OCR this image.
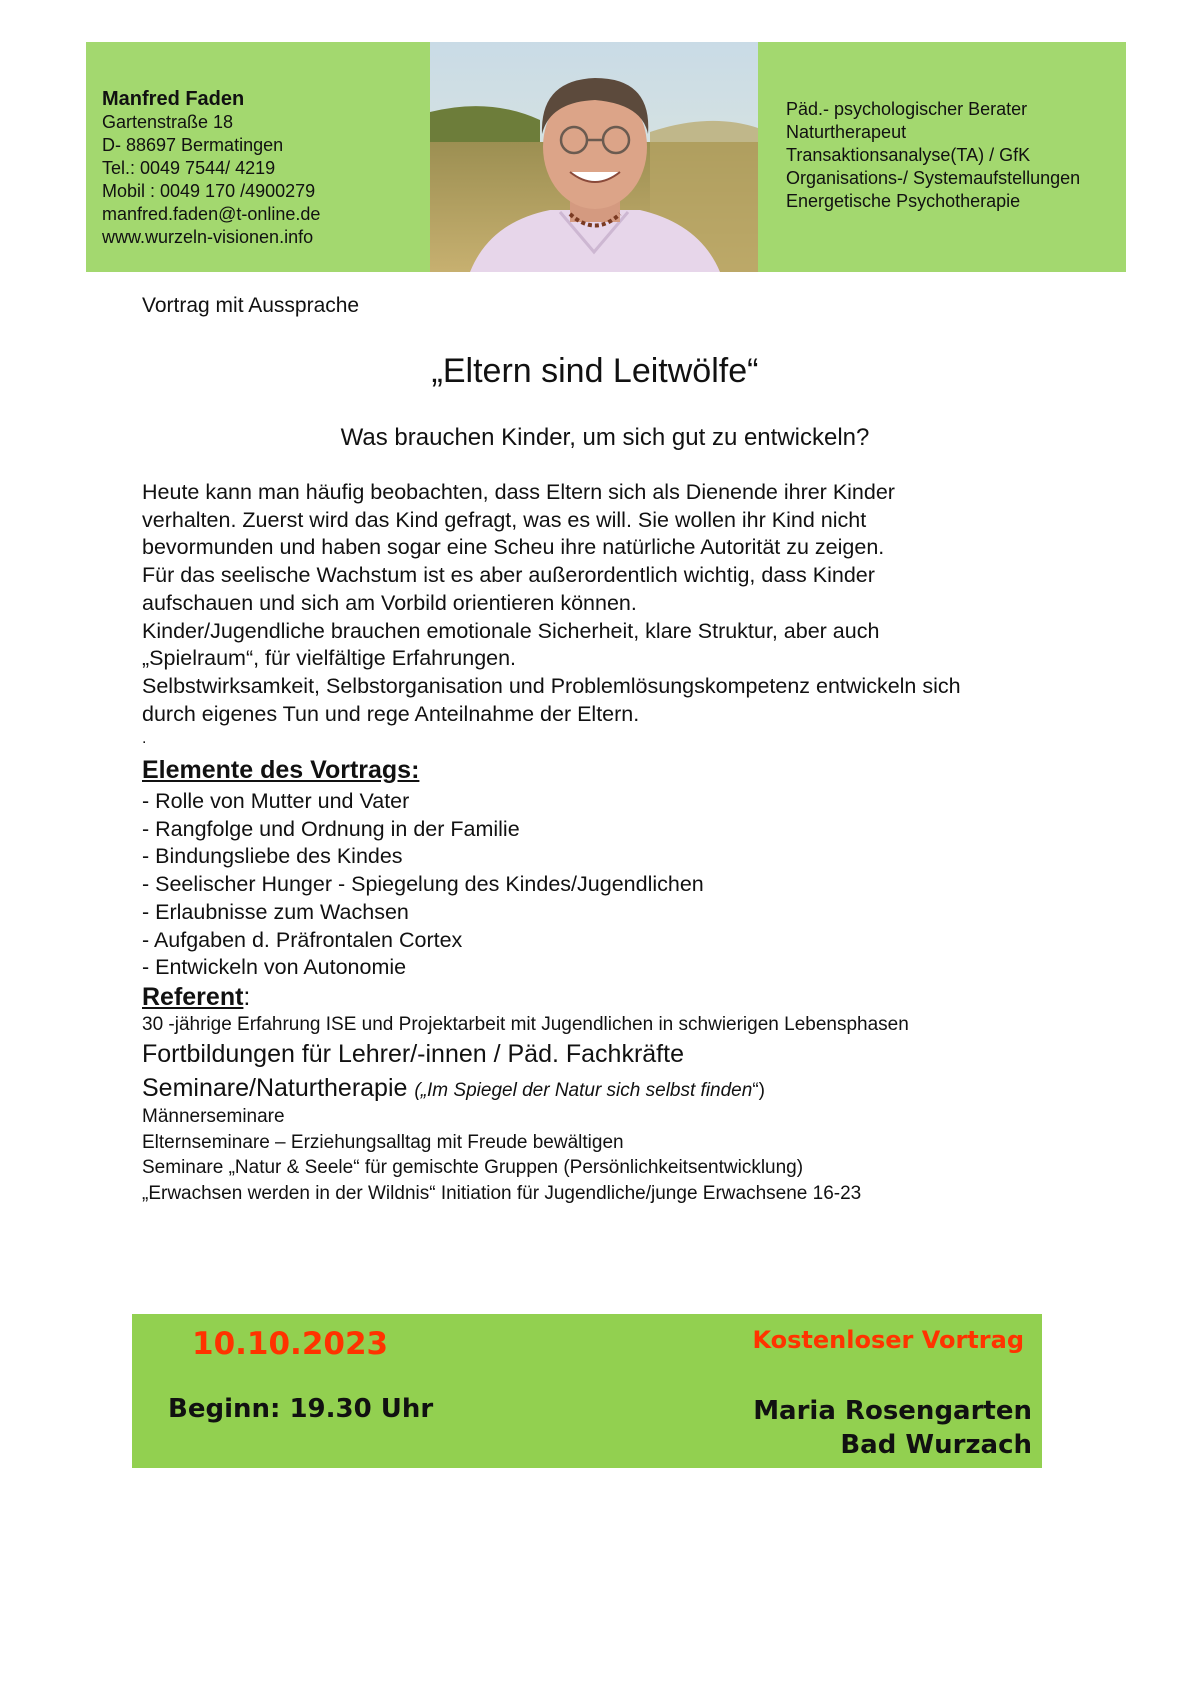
Manfred Faden
Gartenstraße 18
D- 88697 Bermatingen
Tel.: 0049 7544/ 4219
Mobil : 0049 170 /4900279
manfred.faden@t-online.de
www.wurzeln-visionen.info
Päd.- psychologischer Berater
Naturtherapeut
Transaktionsanalyse(TA) / GfK
Organisations-/ Systemaufstellungen
Energetische Psychotherapie
Vortrag mit Aussprache
„Eltern sind Leitwölfe“
Was brauchen Kinder, um sich gut zu entwickeln?
Heute kann man häufig beobachten, dass Eltern sich als Dienende ihrer Kinder
verhalten. Zuerst wird das Kind gefragt, was es will. Sie wollen ihr Kind nicht
bevormunden und haben sogar eine Scheu ihre natürliche Autorität zu zeigen.
Für das seelische Wachstum ist es aber außerordentlich wichtig, dass Kinder
aufschauen und sich am Vorbild orientieren können.
Kinder/Jugendliche brauchen emotionale Sicherheit, klare Struktur, aber auch
„Spielraum“, für vielfältige Erfahrungen.
Selbstwirksamkeit, Selbstorganisation und Problemlösungskompetenz entwickeln sich
durch eigenes Tun und rege Anteilnahme der Eltern.
.
Elemente des Vortrags:
- Rolle von Mutter und Vater
- Rangfolge und Ordnung in der Familie
- Bindungsliebe des Kindes
- Seelischer Hunger - Spiegelung des Kindes/Jugendlichen
- Erlaubnisse zum Wachsen
- Aufgaben d. Präfrontalen Cortex
- Entwickeln von Autonomie
Referent:
30 -jährige Erfahrung ISE und Projektarbeit mit Jugendlichen in schwierigen Lebensphasen
Fortbildungen für Lehrer/-innen / Päd. Fachkräfte
Seminare/Naturtherapie („Im Spiegel der Natur sich selbst finden“)
Männerseminare
Elternseminare – Erziehungsalltag mit Freude bewältigen
Seminare „Natur & Seele“ für gemischte Gruppen (Persönlichkeitsentwicklung)
„Erwachsen werden in der Wildnis“ Initiation für Jugendliche/junge Erwachsene 16-23
10.10.2023	Kostenloser Vortrag
Beginn: 19.30 Uhr	Maria Rosengarten
Bad Wurzach
